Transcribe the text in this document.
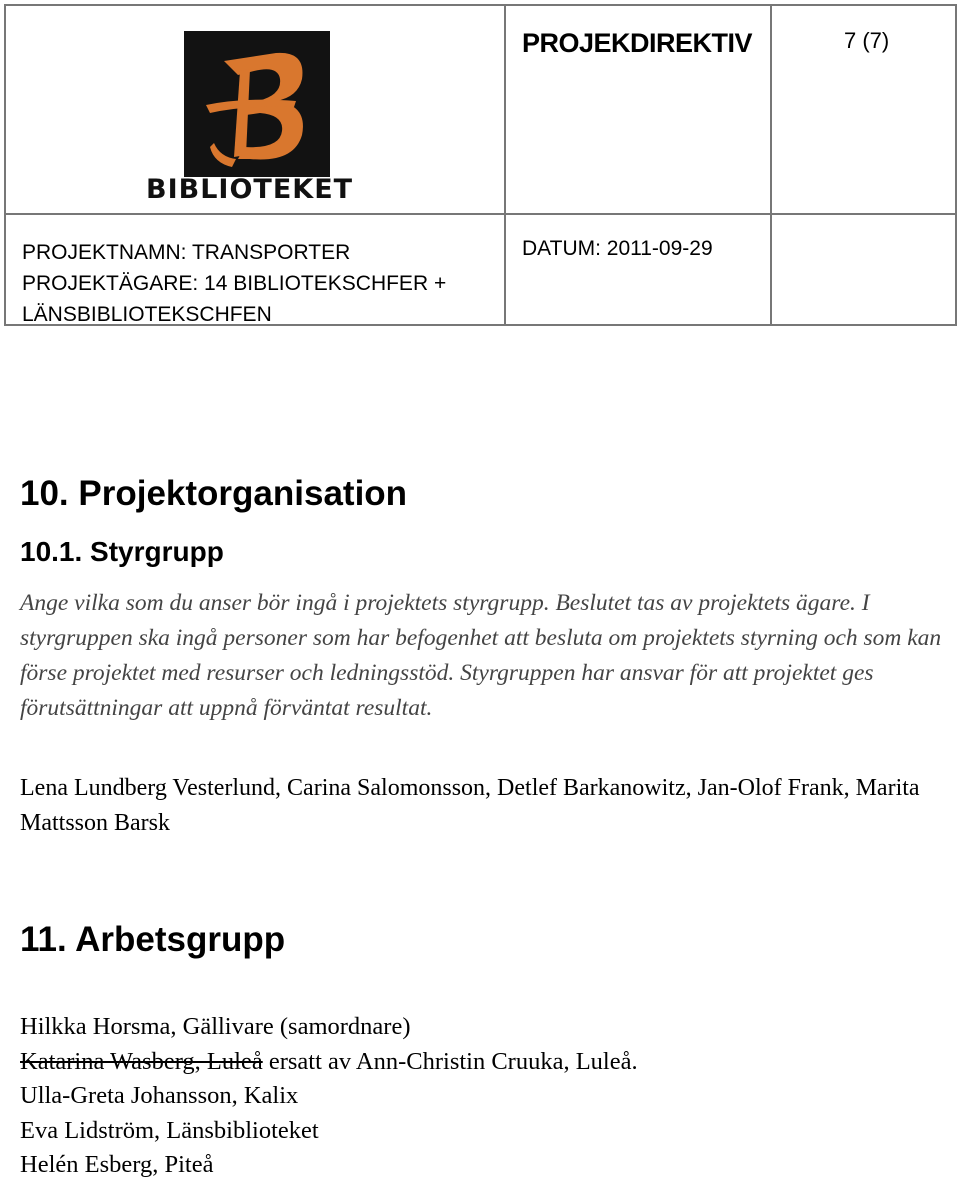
BIBLIOTEKET
PROJEKDIREKTIV	7 (7)
PROJEKTNAMN: TRANSPORTER
PROJEKTÄGARE: 14 BIBLIOTEKSCHFER +
LÄNSBIBLIOTEKSCHFEN
DATUM: 2011-09-29
10. Projektorganisation
10.1. Styrgrupp
Ange vilka som du anser bör ingå i projektets styrgrupp. Beslutet tas av projektets ägare. I styrgruppen ska ingå personer som har befogenhet att besluta om projektets styrning och som kan förse projektet med resurser och ledningsstöd. Styrgruppen har ansvar för att projektet ges förutsättningar att uppnå förväntat resultat.
Lena Lundberg Vesterlund, Carina Salomonsson, Detlef Barkanowitz, Jan-Olof Frank, Marita Mattsson Barsk
11. Arbetsgrupp
Hilkka Horsma, Gällivare (samordnare)
Katarina Wasberg, Luleå ersatt av Ann-Christin Cruuka, Luleå.
Ulla-Greta Johansson, Kalix
Eva Lidström, Länsbiblioteket
Helén Esberg, Piteå
